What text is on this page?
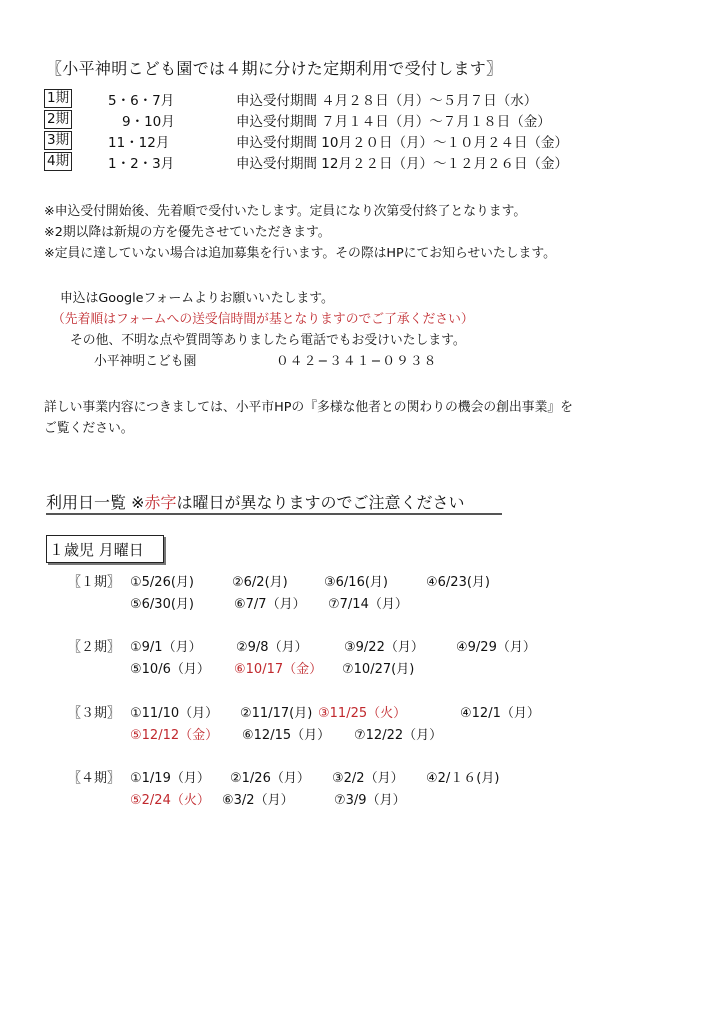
〖小平神明こども園では４期に分けた定期利用で受付します〗
1期	5・6・7月	申込受付期間 ４月２８日（月）〜５月７日（水）
2期	9・10月	申込受付期間 ７月１４日（月）〜７月１８日（金）
3期	11・12月	申込受付期間 10月２０日（月）〜１０月２４日（金）
4期	1・2・3月	申込受付期間 12月２２日（月）〜１２月２６日（金）
※申込受付開始後、先着順で受付いたします。定員になり次第受付終了となります。
※2期以降は新規の方を優先させていただきます。
※定員に達していない場合は追加募集を行います。その際はHPにてお知らせいたします。
申込はGoogleフォームよりお願いいたします。
（先着順はフォームへの送受信時間が基となりますのでご了承ください）
その他、不明な点や質問等ありましたら電話でもお受けいたします。
小平神明こども園	０４２−３４１−０９３８
詳しい事業内容につきましては、小平市HPの『多様な他者との関わりの機会の創出事業』を
ご覧ください。
利用日一覧 ※赤字は曜日が異なりますのでご注意ください
１歳児 月曜日
〖１期〗 ①5/26(月)	②6/2(月)	③6/16(月)	④6/23(月)
⑤6/30(月)	⑥7/7（月） ⑦7/14（月）
〖２期〗 ①9/1（月）	②9/8（月）	③9/22（月） ④9/29（月）
⑤10/6（月） ⑥10/17（金） ⑦10/27(月)
〖３期〗 ①11/10（月） ②11/17(月) ③11/25（火）	④12/1（月）
⑤12/12（金） ⑥12/15（月） ⑦12/22（月）
〖４期〗 ①1/19（月） ②1/26（月） ③2/2（月） ④2/１６(月)
⑤2/24（火） ⑥3/2（月）	⑦3/9（月）
